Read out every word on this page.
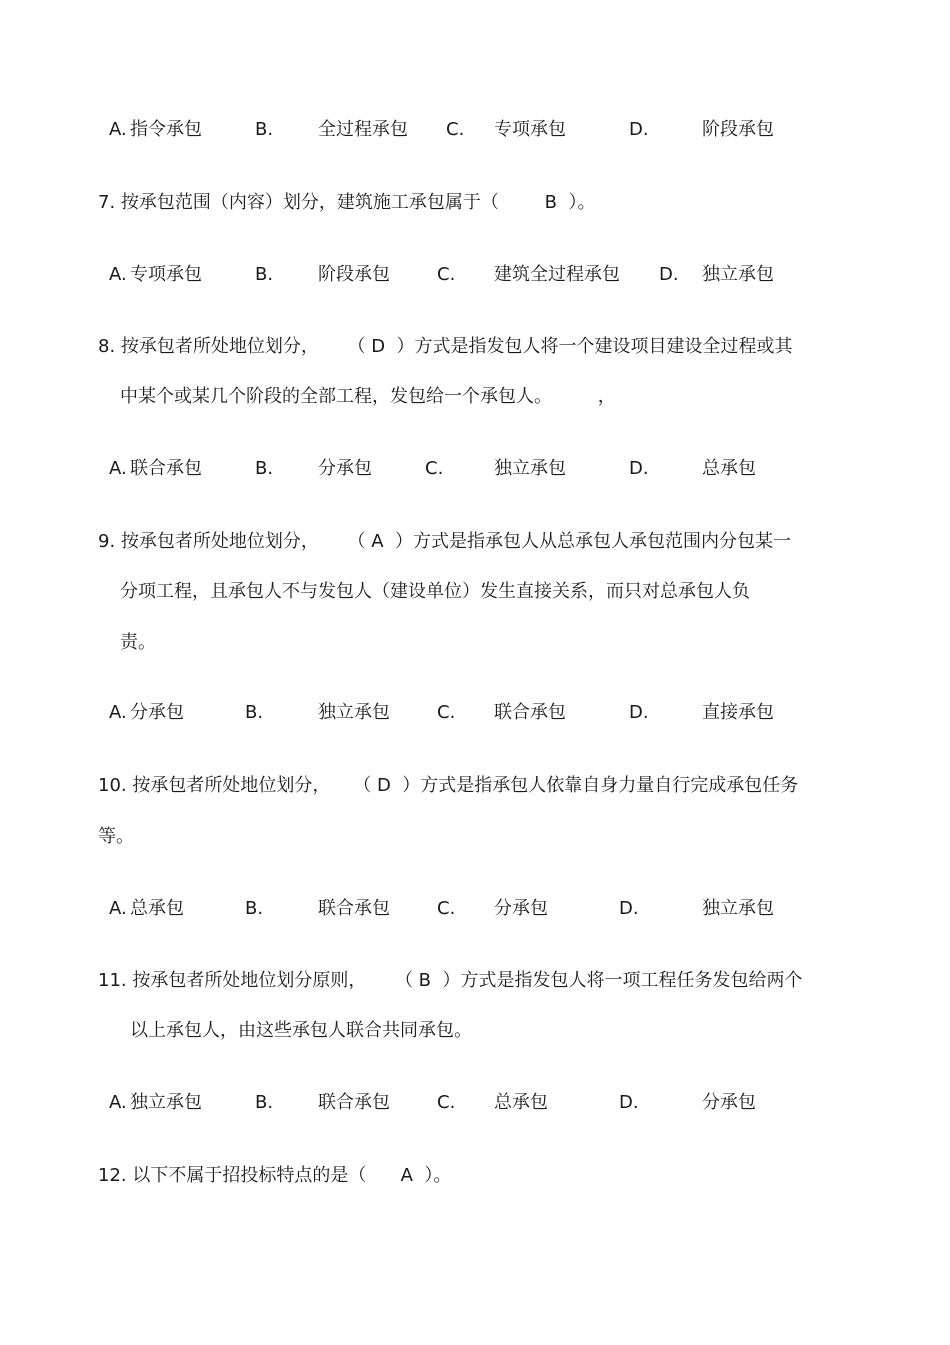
A. 指令承包	B. 全过程承包 C. 专项承包	D.	阶段承包
7. 按承包范围（内容）划分，建筑施工承包属于（        B  ）。
A. 专项承包	B. 阶段承包	C. 建筑全过程承包 D. 独立承包
8. 按承包者所处地位划分，     （ D  ）方式是指发包人将一个建设项目建设全过程或其
中某个或某几个阶段的全部工程，发包给一个承包人。        ，
A. 联合承包	B. 分承包	C.	独立承包	D.	总承包
9. 按承包者所处地位划分，     （ A  ）方式是指承包人从总承包人承包范围内分包某一
分项工程，且承包人不与发包人（建设单位）发生直接关系，而只对总承包人负
责。
A. 分承包	B.	独立承包	C. 联合承包	D.	直接承包
10. 按承包者所处地位划分，    （ D  ）方式是指承包人依靠自身力量自行完成承包任务
等。
A. 总承包	B.	联合承包	C. 分承包	D.	独立承包
11. 按承包者所处地位划分原则，     （ B  ）方式是指发包人将一项工程任务发包给两个
以上承包人，由这些承包人联合共同承包。
A. 独立承包	B. 联合承包	C. 总承包	D.	分承包
12. 以下不属于招投标特点的是（      A  ）。
